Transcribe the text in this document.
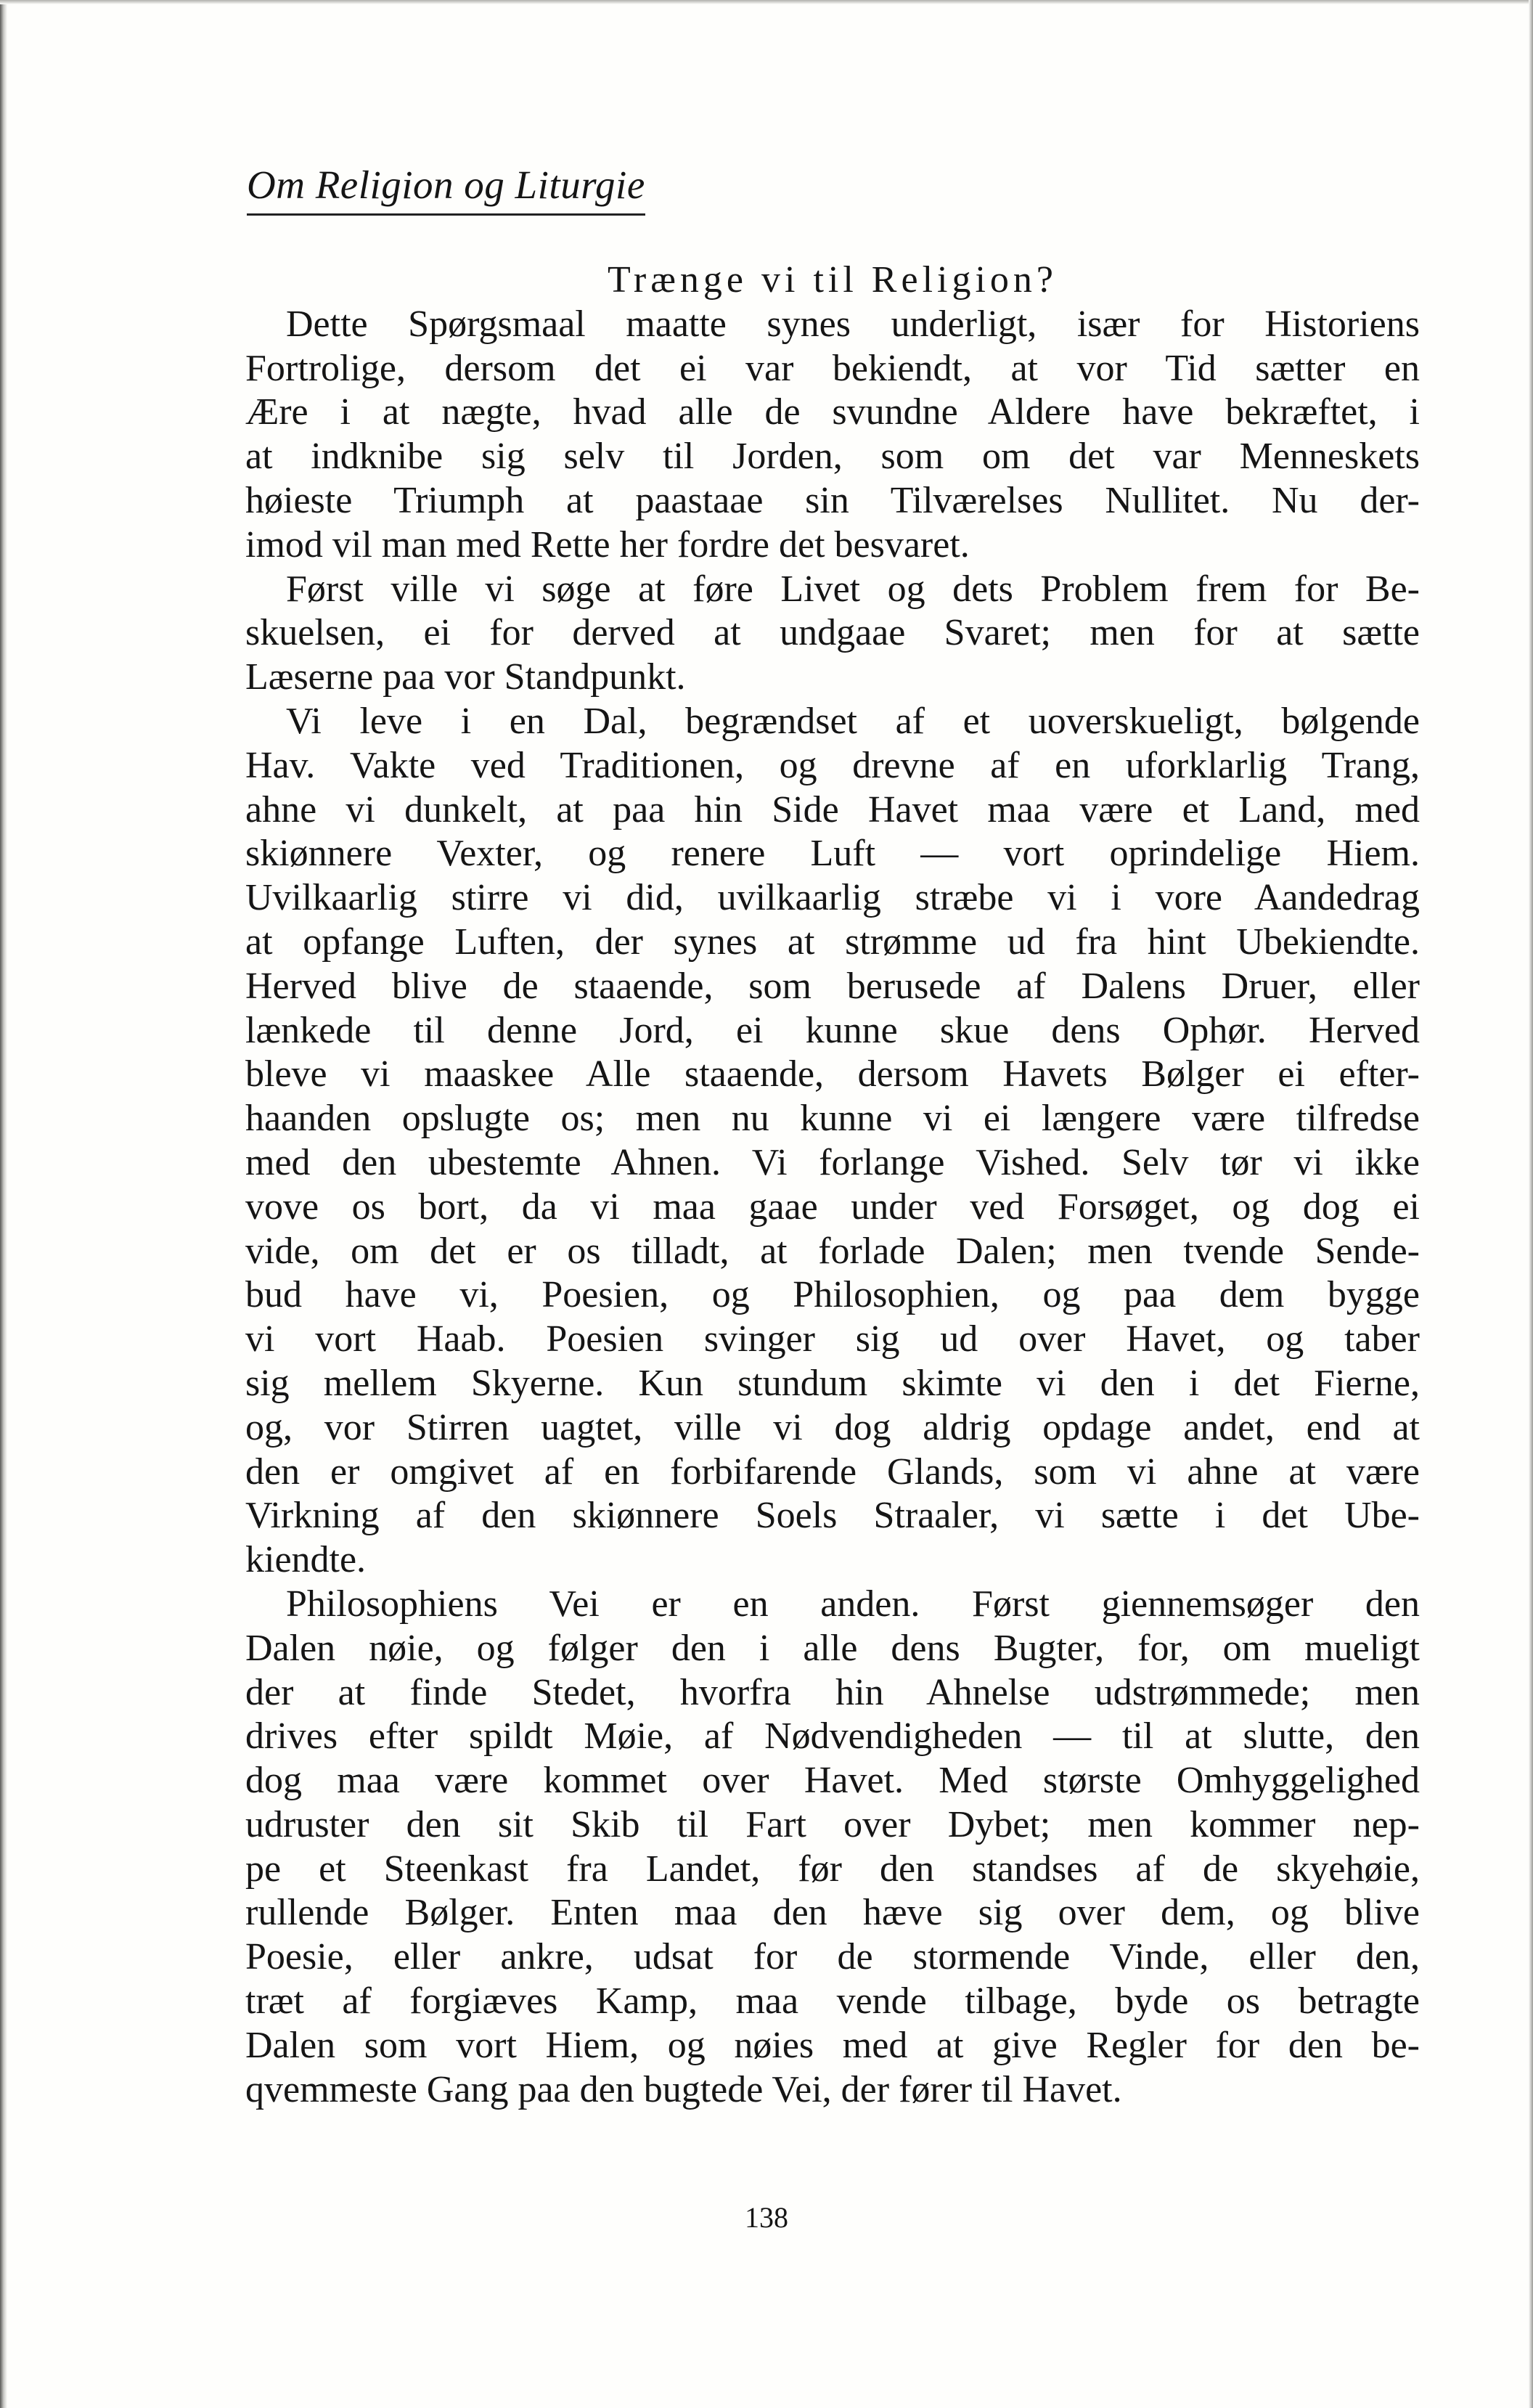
Om Religion og Liturgie
Trænge vi til Religion?
Dette Spørgsmaal maatte synes underligt, især for Historiens
Fortrolige, dersom det ei var bekiendt, at vor Tid sætter en
Ære i at nægte, hvad alle de svundne Aldere have bekræftet, i
at indknibe sig selv til Jorden, som om det var Menneskets
høieste Triumph at paastaae sin Tilværelses Nullitet. Nu der-
imod vil man med Rette her fordre det besvaret.
Først ville vi søge at føre Livet og dets Problem frem for Be-
skuelsen, ei for derved at undgaae Svaret; men for at sætte
Læserne paa vor Standpunkt.
Vi leve i en Dal, begrændset af et uoverskueligt, bølgende
Hav. Vakte ved Traditionen, og drevne af en uforklarlig Trang,
ahne vi dunkelt, at paa hin Side Havet maa være et Land, med
skiønnere Vexter, og renere Luft — vort oprindelige Hiem.
Uvilkaarlig stirre vi did, uvilkaarlig stræbe vi i vore Aandedrag
at opfange Luften, der synes at strømme ud fra hint Ubekiendte.
Herved blive de staaende, som berusede af Dalens Druer, eller
lænkede til denne Jord, ei kunne skue dens Ophør. Herved
bleve vi maaskee Alle staaende, dersom Havets Bølger ei efter-
haanden opslugte os; men nu kunne vi ei længere være tilfredse
med den ubestemte Ahnen. Vi forlange Vished. Selv tør vi ikke
vove os bort, da vi maa gaae under ved Forsøget, og dog ei
vide, om det er os tilladt, at forlade Dalen; men tvende Sende-
bud have vi, Poesien, og Philosophien, og paa dem bygge
vi vort Haab. Poesien svinger sig ud over Havet, og taber
sig mellem Skyerne. Kun stundum skimte vi den i det Fierne,
og, vor Stirren uagtet, ville vi dog aldrig opdage andet, end at
den er omgivet af en forbifarende Glands, som vi ahne at være
Virkning af den skiønnere Soels Straaler, vi sætte i det Ube-
kiendte.
Philosophiens Vei er en anden. Først giennemsøger den
Dalen nøie, og følger den i alle dens Bugter, for, om mueligt
der at finde Stedet, hvorfra hin Ahnelse udstrømmede; men
drives efter spildt Møie, af Nødvendigheden — til at slutte, den
dog maa være kommet over Havet. Med største Omhyggelighed
udruster den sit Skib til Fart over Dybet; men kommer nep-
pe et Steenkast fra Landet, før den standses af de skyehøie,
rullende Bølger. Enten maa den hæve sig over dem, og blive
Poesie, eller ankre, udsat for de stormende Vinde, eller den,
træt af forgiæves Kamp, maa vende tilbage, byde os betragte
Dalen som vort Hiem, og nøies med at give Regler for den be-
qvemmeste Gang paa den bugtede Vei, der fører til Havet.
138
